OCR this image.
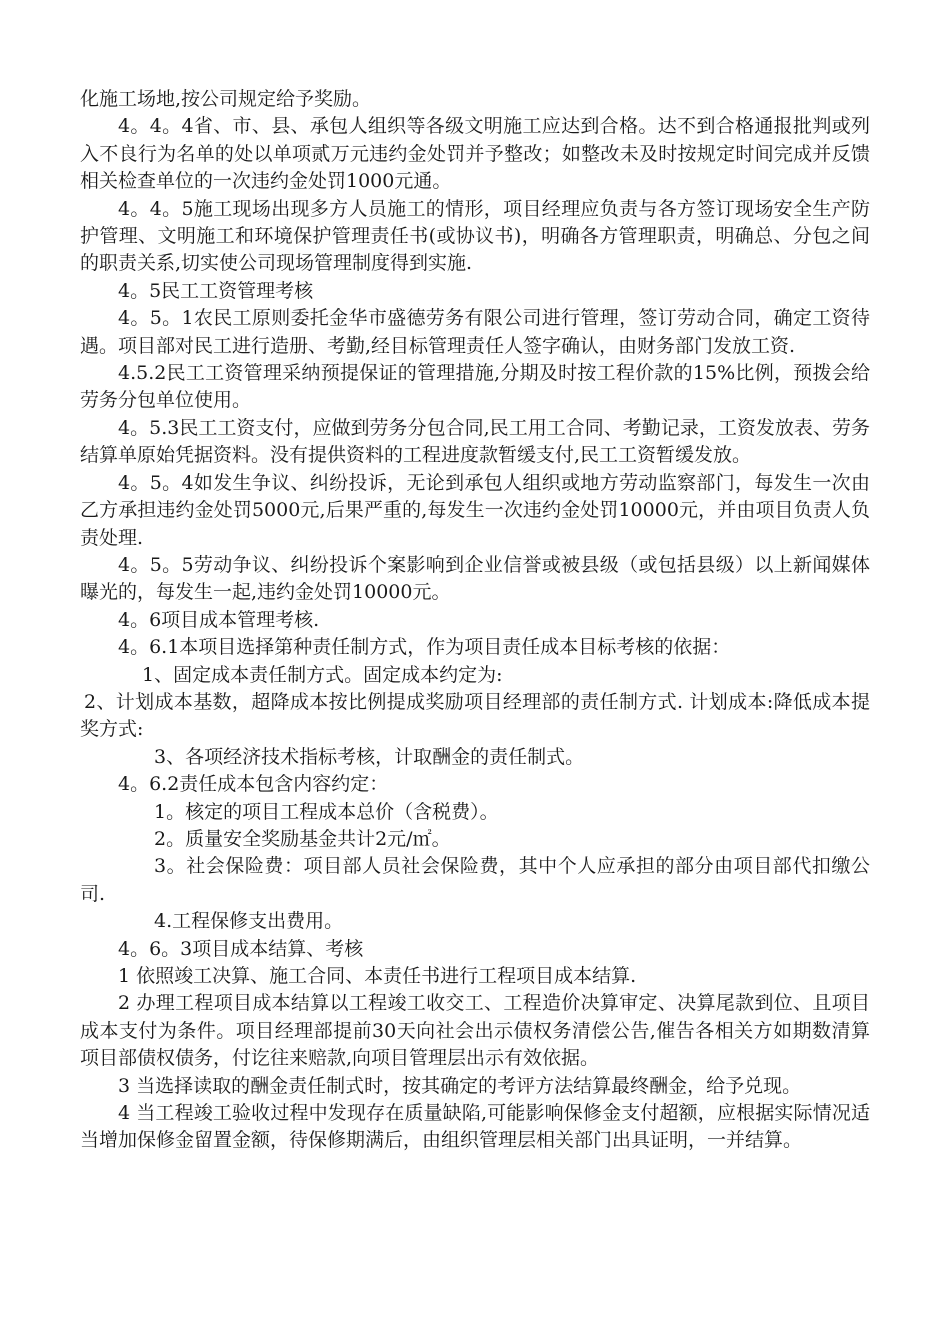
化施工场地,按公司规定给予奖励。

4。4。4省、市、县、承包人组织等各级文明施工应达到合格。达不到合格通报批判或列入不良行为名单的处以单项贰万元违约金处罚并予整改；如整改未及时按规定时间完成并反馈相关检查单位的一次违约金处罚1000元通。

4。4。5施工现场出现多方人员施工的情形，项目经理应负责与各方签订现场安全生产防护管理、文明施工和环境保护管理责任书(或协议书)，明确各方管理职责，明确总、分包之间的职责关系,切实使公司现场管理制度得到实施.

4。5民工工资管理考核

4。5。1农民工原则委托金华市盛德劳务有限公司进行管理，签订劳动合同，确定工资待遇。项目部对民工进行造册、考勤,经目标管理责任人签字确认，由财务部门发放工资.

4.5.2民工工资管理采纳预提保证的管理措施,分期及时按工程价款的15%比例，预拨会给劳务分包单位使用。

4。5.3民工工资支付，应做到劳务分包合同,民工用工合同、考勤记录，工资发放表、劳务结算单原始凭据资料。没有提供资料的工程进度款暂缓支付,民工工资暂缓发放。

4。5。4如发生争议、纠纷投诉，无论到承包人组织或地方劳动监察部门，每发生一次由乙方承担违约金处罚5000元,后果严重的,每发生一次违约金处罚10000元，并由项目负责人负责处理.

4。5。5劳动争议、纠纷投诉个案影响到企业信誉或被县级（或包括县级）以上新闻媒体曝光的，每发生一起,违约金处罚10000元。

4。6项目成本管理考核.

4。6.1本项目选择第种责任制方式，作为项目责任成本目标考核的依据：

1、固定成本责任制方式。固定成本约定为:

2、计划成本基数，超降成本按比例提成奖励项目经理部的责任制方式. 计划成本:降低成本提奖方式:

3、各项经济技术指标考核，计取酬金的责任制式。

4。6.2责任成本包含内容约定：

1。核定的项目工程成本总价（含税费）。

2。质量安全奖励基金共计2元/㎡。

3。社会保险费：项目部人员社会保险费，其中个人应承担的部分由项目部代扣缴公司.

4.工程保修支出费用。

4。6。3项目成本结算、考核

1 依照竣工决算、施工合同、本责任书进行工程项目成本结算.

2 办理工程项目成本结算以工程竣工收交工、工程造价决算审定、决算尾款到位、且项目成本支付为条件。项目经理部提前30天向社会出示债权务清偿公告,催告各相关方如期数清算项目部债权债务，付讫往来赔款,向项目管理层出示有效依据。

3 当选择读取的酬金责任制式时，按其确定的考评方法结算最终酬金，给予兑现。

4 当工程竣工验收过程中发现存在质量缺陷,可能影响保修金支付超额，应根据实际情况适当增加保修金留置金额，待保修期满后，由组织管理层相关部门出具证明，一并结算。
